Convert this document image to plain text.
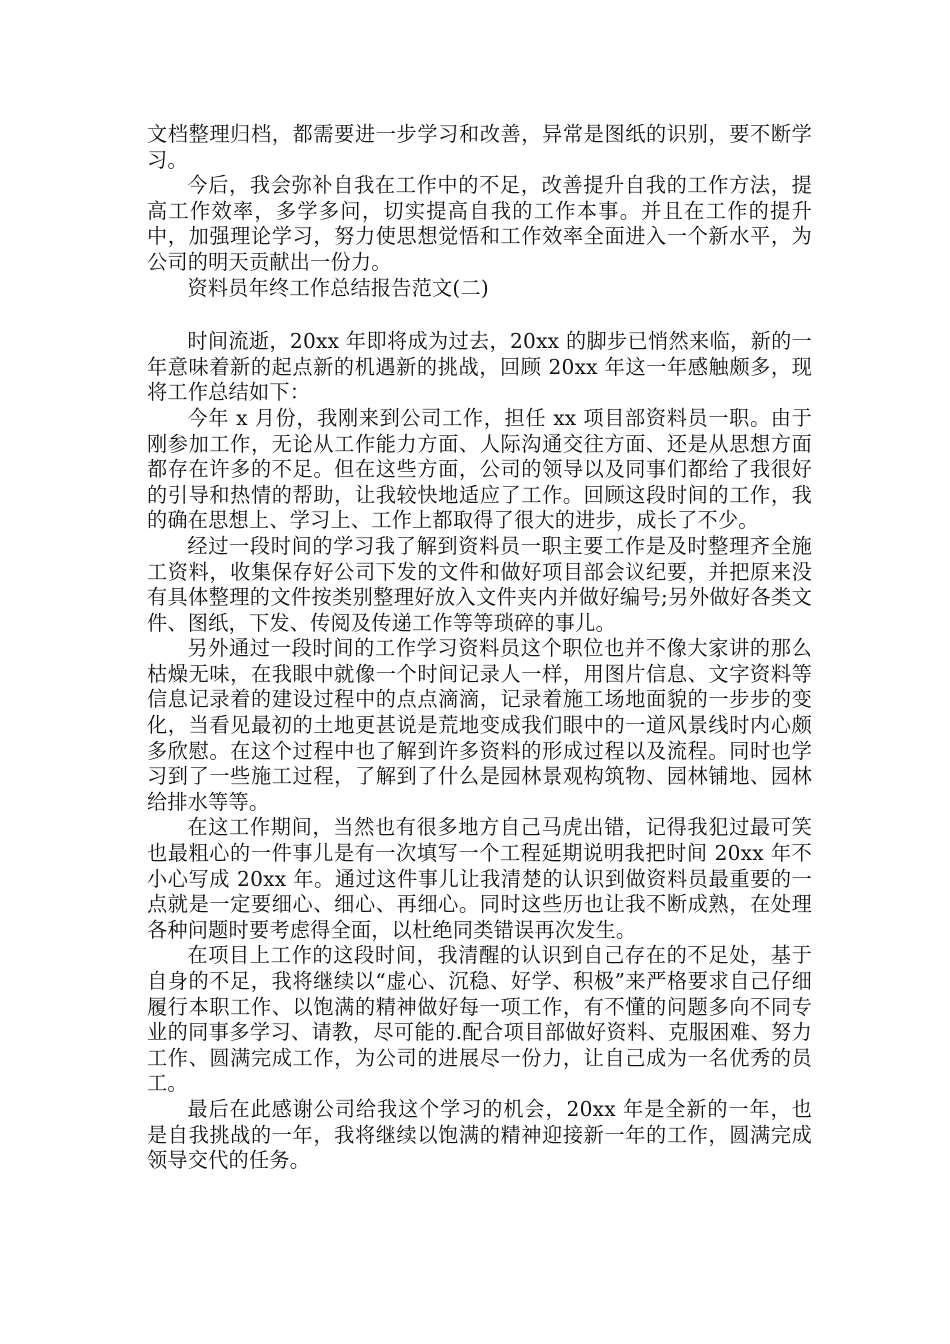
文档整理归档，都需要进一步学习和改善，异常是图纸的识别，要不断学习。

今后，我会弥补自我在工作中的不足，改善提升自我的工作方法，提高工作效率，多学多问，切实提高自我的工作本事。并且在工作的提升中，加强理论学习，努力使思想觉悟和工作效率全面进入一个新水平，为公司的明天贡献出一份力。

资料员年终工作总结报告范文(二)

时间流逝，20xx 年即将成为过去，20xx 的脚步已悄然来临，新的一年意味着新的起点新的机遇新的挑战，回顾 20xx 年这一年感触颇多，现将工作总结如下：

今年 x 月份，我刚来到公司工作，担任 xx 项目部资料员一职。由于刚参加工作，无论从工作能力方面、人际沟通交往方面、还是从思想方面都存在许多的不足。但在这些方面，公司的领导以及同事们都给了我很好的引导和热情的帮助，让我较快地适应了工作。回顾这段时间的工作，我的确在思想上、学习上、工作上都取得了很大的进步，成长了不少。

经过一段时间的学习我了解到资料员一职主要工作是及时整理齐全施工资料，收集保存好公司下发的文件和做好项目部会议纪要，并把原来没有具体整理的文件按类别整理好放入文件夹内并做好编号;另外做好各类文件、图纸，下发、传阅及传递工作等等琐碎的事儿。

另外通过一段时间的工作学习资料员这个职位也并不像大家讲的那么枯燥无味，在我眼中就像一个时间记录人一样，用图片信息、文字资料等信息记录着的建设过程中的点点滴滴，记录着施工场地面貌的一步步的变化，当看见最初的土地更甚说是荒地变成我们眼中的一道风景线时内心颇多欣慰。在这个过程中也了解到许多资料的形成过程以及流程。同时也学习到了一些施工过程，了解到了什么是园林景观构筑物、园林铺地、园林给排水等等。

在这工作期间，当然也有很多地方自己马虎出错，记得我犯过最可笑也最粗心的一件事儿是有一次填写一个工程延期说明我把时间 20xx 年不小心写成 20xx 年。通过这件事儿让我清楚的认识到做资料员最重要的一点就是一定要细心、细心、再细心。同时这些历也让我不断成熟，在处理各种问题时要考虑得全面，以杜绝同类错误再次发生。

在项目上工作的这段时间，我清醒的认识到自己存在的不足处，基于自身的不足，我将继续以“虚心、沉稳、好学、积极”来严格要求自己仔细履行本职工作、以饱满的精神做好每一项工作，有不懂的问题多向不同专业的同事多学习、请教，尽可能的.配合项目部做好资料、克服困难、努力工作、圆满完成工作，为公司的进展尽一份力，让自己成为一名优秀的员工。

最后在此感谢公司给我这个学习的机会，20xx 年是全新的一年，也是自我挑战的一年，我将继续以饱满的精神迎接新一年的工作，圆满完成领导交代的任务。
